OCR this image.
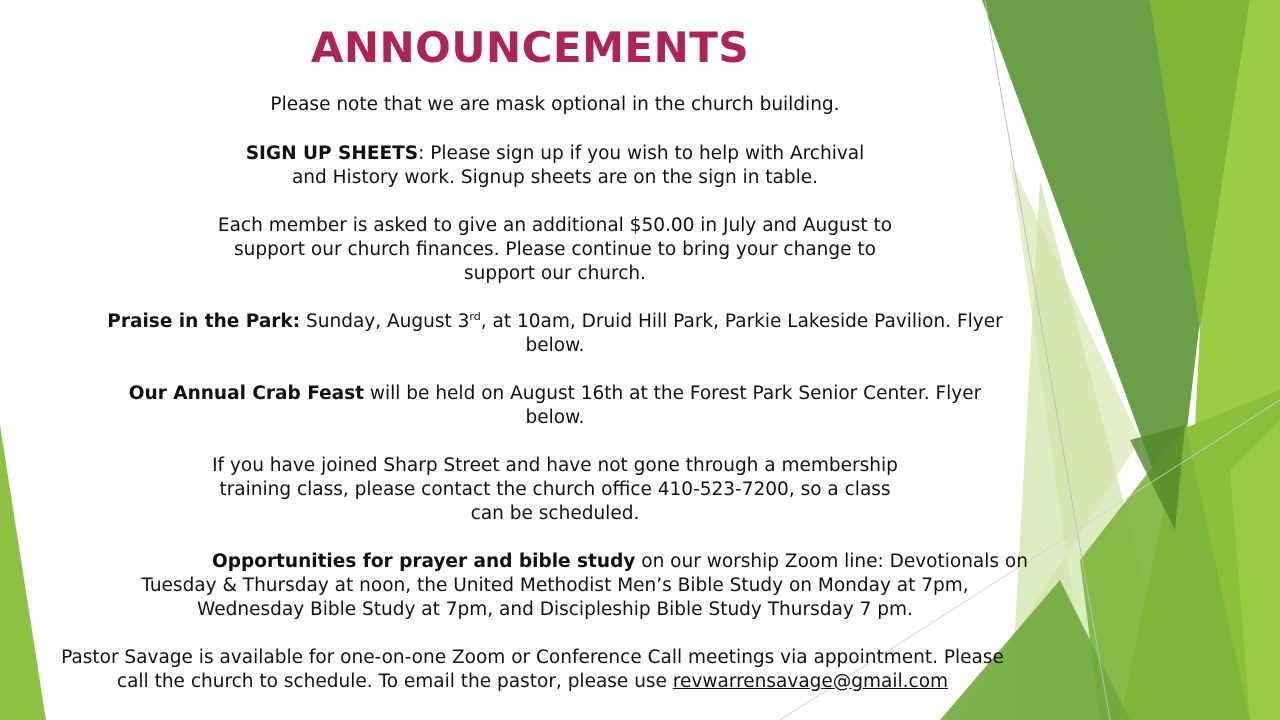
ANNOUNCEMENTS

Please note that we are mask optional in the church building.

SIGN UP SHEETS: Please sign up if you wish to help with Archival
and History work. Signup sheets are on the sign in table.

Each member is asked to give an additional $50.00 in July and August to
support our church finances. Please continue to bring your change to
support our church.

Praise in the Park: Sunday, August 3rd, at 10am, Druid Hill Park, Parkie Lakeside Pavilion. Flyer
below.

Our Annual Crab Feast will be held on August 16th at the Forest Park Senior Center. Flyer
below.

If you have joined Sharp Street and have not gone through a membership
training class, please contact the church office 410-523-7200, so a class
can be scheduled.

Opportunities for prayer and bible study on our worship Zoom line: Devotionals on
Tuesday & Thursday at noon, the United Methodist Men’s Bible Study on Monday at 7pm,
Wednesday Bible Study at 7pm, and Discipleship Bible Study Thursday 7 pm.

Pastor Savage is available for one-on-one Zoom or Conference Call meetings via appointment. Please
call the church to schedule. To email the pastor, please use revwarrensavage@gmail.com
